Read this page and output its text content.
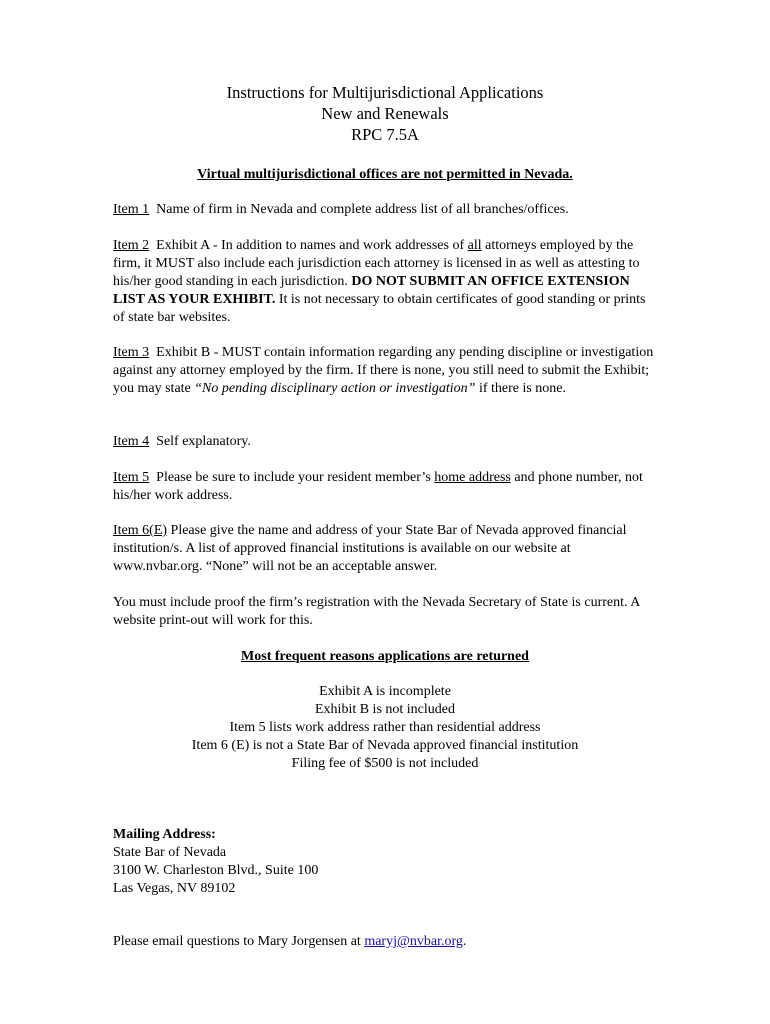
Instructions for Multijurisdictional Applications
New and Renewals
RPC 7.5A
Virtual multijurisdictional offices are not permitted in Nevada.
Item 1 Name of firm in Nevada and complete address list of all branches/offices.
Item 2 Exhibit A - In addition to names and work addresses of all attorneys employed by the firm, it MUST also include each jurisdiction each attorney is licensed in as well as attesting to his/her good standing in each jurisdiction. DO NOT SUBMIT AN OFFICE EXTENSION LIST AS YOUR EXHIBIT. It is not necessary to obtain certificates of good standing or prints of state bar websites.
Item 3 Exhibit B - MUST contain information regarding any pending discipline or investigation against any attorney employed by the firm. If there is none, you still need to submit the Exhibit; you may state “No pending disciplinary action or investigation” if there is none.
Item 4 Self explanatory.
Item 5 Please be sure to include your resident member’s home address and phone number, not his/her work address.
Item 6(E) Please give the name and address of your State Bar of Nevada approved financial institution/s. A list of approved financial institutions is available on our website at www.nvbar.org. “None” will not be an acceptable answer.
You must include proof the firm’s registration with the Nevada Secretary of State is current. A website print-out will work for this.
Most frequent reasons applications are returned
Exhibit A is incomplete
Exhibit B is not included
Item 5 lists work address rather than residential address
Item 6 (E) is not a State Bar of Nevada approved financial institution
Filing fee of $500 is not included
Mailing Address:
State Bar of Nevada
3100 W. Charleston Blvd., Suite 100
Las Vegas, NV 89102
Please email questions to Mary Jorgensen at maryj@nvbar.org.
